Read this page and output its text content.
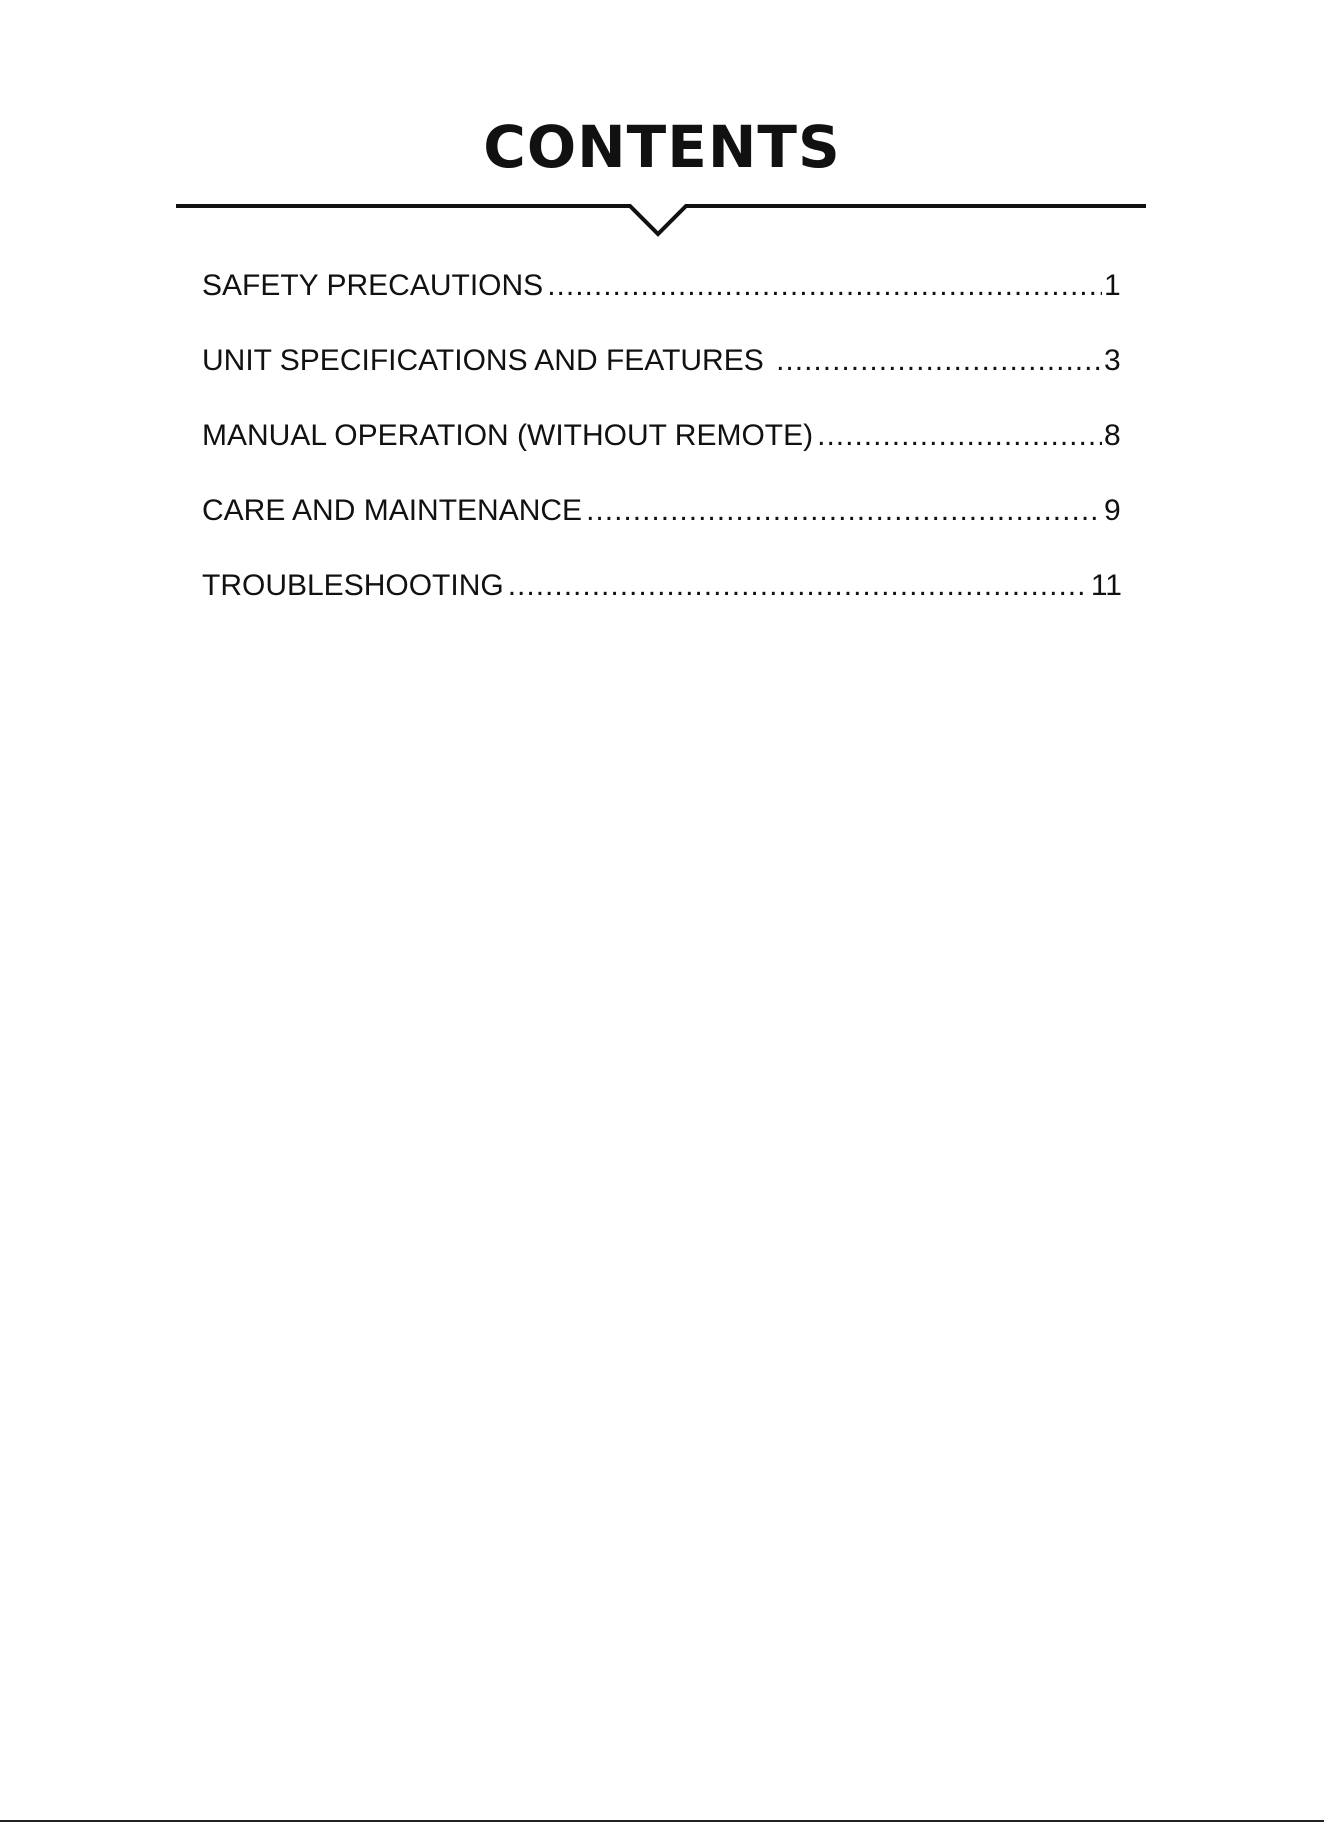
CONTENTS
SAFETY PRECAUTIONS .....	1
UNIT SPECIFICATIONS AND FEATURES .....	3
MANUAL OPERATION (WITHOUT REMOTE) .....	8
CARE AND MAINTENANCE .....	9
TROUBLESHOOTING .....	11
